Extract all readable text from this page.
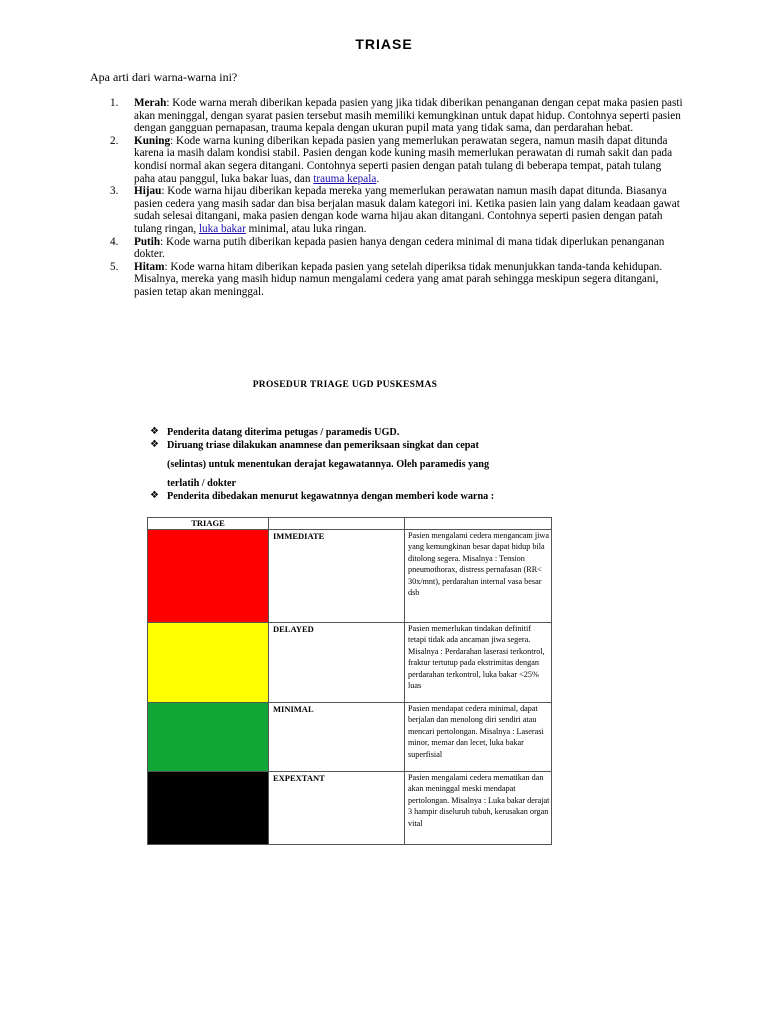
TRIASE
Apa arti dari warna-warna ini?
1. Merah: Kode warna merah diberikan kepada pasien yang jika tidak diberikan penanganan dengan cepat maka pasien pasti akan meninggal, dengan syarat pasien tersebut masih memiliki kemungkinan untuk dapat hidup. Contohnya seperti pasien dengan gangguan pernapasan, trauma kepala dengan ukuran pupil mata yang tidak sama, dan perdarahan hebat.
2. Kuning: Kode warna kuning diberikan kepada pasien yang memerlukan perawatan segera, namun masih dapat ditunda karena ia masih dalam kondisi stabil. Pasien dengan kode kuning masih memerlukan perawatan di rumah sakit dan pada kondisi normal akan segera ditangani. Contohnya seperti pasien dengan patah tulang di beberapa tempat, patah tulang paha atau panggul, luka bakar luas, dan trauma kepala.
3. Hijau: Kode warna hijau diberikan kepada mereka yang memerlukan perawatan namun masih dapat ditunda. Biasanya pasien cedera yang masih sadar dan bisa berjalan masuk dalam kategori ini. Ketika pasien lain yang dalam keadaan gawat sudah selesai ditangani, maka pasien dengan kode warna hijau akan ditangani. Contohnya seperti pasien dengan patah tulang ringan, luka bakar minimal, atau luka ringan.
4. Putih: Kode warna putih diberikan kepada pasien hanya dengan cedera minimal di mana tidak diperlukan penanganan dokter.
5. Hitam: Kode warna hitam diberikan kepada pasien yang setelah diperiksa tidak menunjukkan tanda-tanda kehidupan. Misalnya, mereka yang masih hidup namun mengalami cedera yang amat parah sehingga meskipun segera ditangani, pasien tetap akan meninggal.
PROSEDUR TRIAGE UGD PUSKESMAS
❖ Penderita datang diterima petugas / paramedis UGD.
❖ Diruang triase dilakukan anamnese dan pemeriksaan singkat dan cepat
(selintas) untuk menentukan derajat kegawatannya. Oleh paramedis yang
terlatih / dokter
❖ Penderita dibedakan menurut kegawatnnya dengan memberi kode warna :
TRIAGE		
	IMMEDIATE	Pasien mengalami cedera mengancam jiwa yang kemungkinan besar dapat hidup bila ditolong segera. Misalnya : Tension pneumothorax, distress pernafasan (RR< 30x/mnt), perdarahan internal vasa besar dsb
	DELAYED	Pasien memerlukan tindakan definitif tetapi tidak ada ancaman jiwa segera. Misalnya : Perdarahan laserasi terkontrol, fraktur tertutup pada ekstrimitas dengan perdarahan terkontrol, luka bakar <25% luas
	MINIMAL	Pasien mendapat cedera minimal, dapat berjalan dan menolong diri sendiri atau mencari pertolongan. Misalnya : Laserasi minor, memar dan lecet, luka bakar superfisial
	EXPEXTANT	Pasien mengalami cedera mematikan dan akan meninggal meski mendapat pertolongan. Misalnya : Luka bakar derajat 3 hampir diseluruh tubuh, kerusakan organ vital
